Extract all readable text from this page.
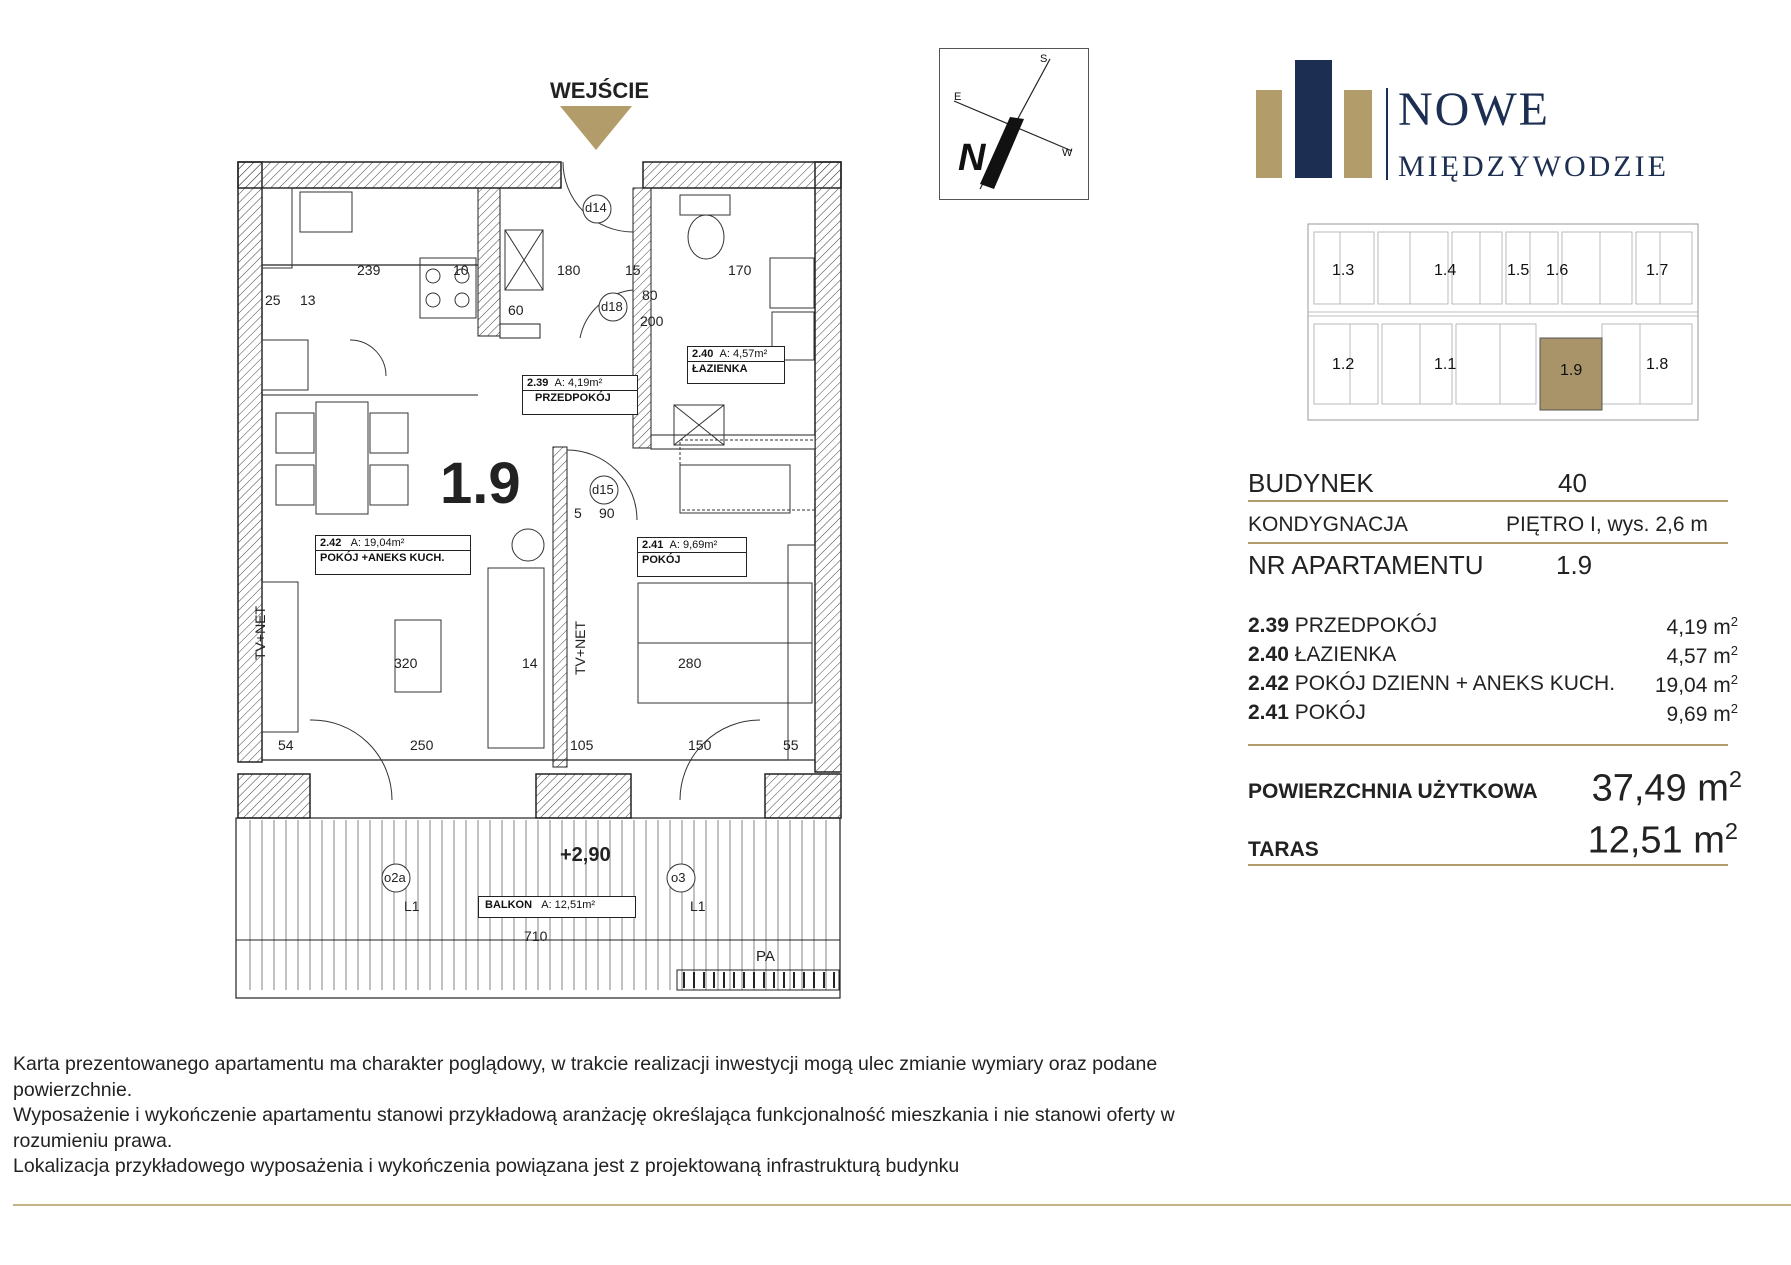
WEJŚCIE
1.9
d14
d18
d15
o2a	o3
L1	L1
+2,90
PA
TV+NET	TV+NET
239	10	180	15	170
25 13	80
200
60
90
5
320	14	280
54	250	105	150	55
710
2.39 A: 4,19m²
PRZEDPOKÓJ
2.40 A: 4,57m²
ŁAZIENKA
2.42 A: 19,04m²
POKÓJ +ANEKS KUCH.
2.41 A: 9,69m²
POKÓJ
BALKON A: 12,51m²
N
S
E
W
NOWE
MIĘDZYWODZIE
1.3	1.4	1.5 1.6	1.7
1.2	1.1	1.9	1.8
BUDYNEK	40
KONDYGNACJA	PIĘTRO I, wys. 2,6 m
NR APARTAMENTU	1.9
2.39 PRZEDPOKÓJ	4,19 $m^2$
2.40 ŁAZIENKA	4,57 $m^2$
2.42 POKÓJ DZIENN + ANEKS KUCH. 19,04 $m^2$
2.41 POKÓJ	9,69 $m^2$
POWIERZCHNIA UŻYTKOWA 37,49 $m^2$
TARAS	12,51 $m^2$
Karta prezentowanego apartamentu ma charakter poglądowy, w trakcie realizacji inwestycji mogą ulec zmianie wymiary oraz podane powierzchnie.
Wyposażenie i wykończenie apartamentu stanowi przykładową aranżację określająca funkcjonalność mieszkania i nie stanowi oferty w rozumieniu prawa.
Lokalizacja przykładowego wyposażenia i wykończenia powiązana jest z projektowaną infrastrukturą budynku
